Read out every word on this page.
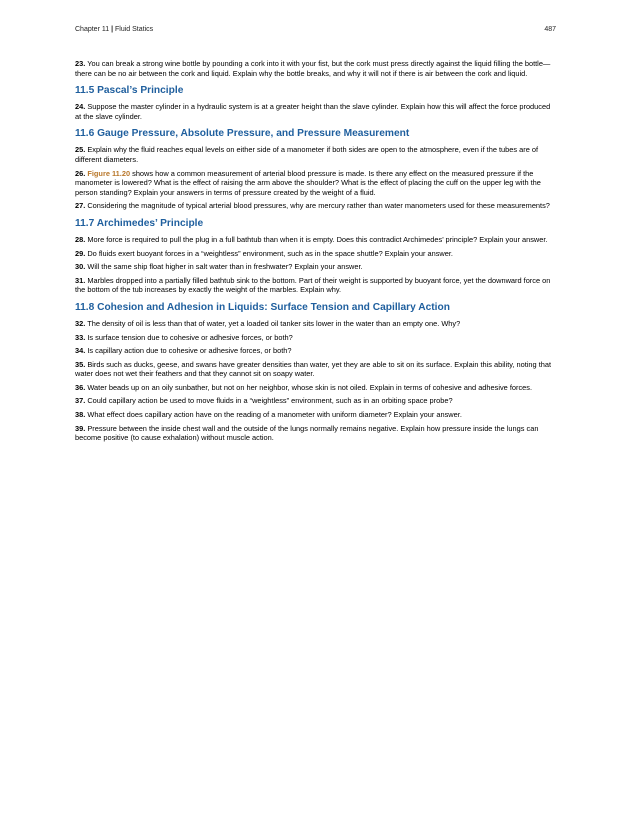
Chapter 11 | Fluid Statics	487

23. You can break a strong wine bottle by pounding a cork into it with your fist, but the cork must press directly against the liquid filling the bottle—there can be no air between the cork and liquid. Explain why the bottle breaks, and why it will not if there is air between the cork and liquid.

11.5 Pascal’s Principle

24. Suppose the master cylinder in a hydraulic system is at a greater height than the slave cylinder. Explain how this will affect the force produced at the slave cylinder.

11.6 Gauge Pressure, Absolute Pressure, and Pressure Measurement

25. Explain why the fluid reaches equal levels on either side of a manometer if both sides are open to the atmosphere, even if the tubes are of different diameters.

26. Figure 11.20 shows how a common measurement of arterial blood pressure is made. Is there any effect on the measured pressure if the manometer is lowered? What is the effect of raising the arm above the shoulder? What is the effect of placing the cuff on the upper leg with the person standing? Explain your answers in terms of pressure created by the weight of a fluid.

27. Considering the magnitude of typical arterial blood pressures, why are mercury rather than water manometers used for these measurements?

11.7 Archimedes’ Principle

28. More force is required to pull the plug in a full bathtub than when it is empty. Does this contradict Archimedes’ principle? Explain your answer.

29. Do fluids exert buoyant forces in a “weightless” environment, such as in the space shuttle? Explain your answer.

30. Will the same ship float higher in salt water than in freshwater? Explain your answer.

31. Marbles dropped into a partially filled bathtub sink to the bottom. Part of their weight is supported by buoyant force, yet the downward force on the bottom of the tub increases by exactly the weight of the marbles. Explain why.

11.8 Cohesion and Adhesion in Liquids: Surface Tension and Capillary Action

32. The density of oil is less than that of water, yet a loaded oil tanker sits lower in the water than an empty one. Why?

33. Is surface tension due to cohesive or adhesive forces, or both?

34. Is capillary action due to cohesive or adhesive forces, or both?

35. Birds such as ducks, geese, and swans have greater densities than water, yet they are able to sit on its surface. Explain this ability, noting that water does not wet their feathers and that they cannot sit on soapy water.

36. Water beads up on an oily sunbather, but not on her neighbor, whose skin is not oiled. Explain in terms of cohesive and adhesive forces.

37. Could capillary action be used to move fluids in a “weightless” environment, such as in an orbiting space probe?

38. What effect does capillary action have on the reading of a manometer with uniform diameter? Explain your answer.

39. Pressure between the inside chest wall and the outside of the lungs normally remains negative. Explain how pressure inside the lungs can become positive (to cause exhalation) without muscle action.
